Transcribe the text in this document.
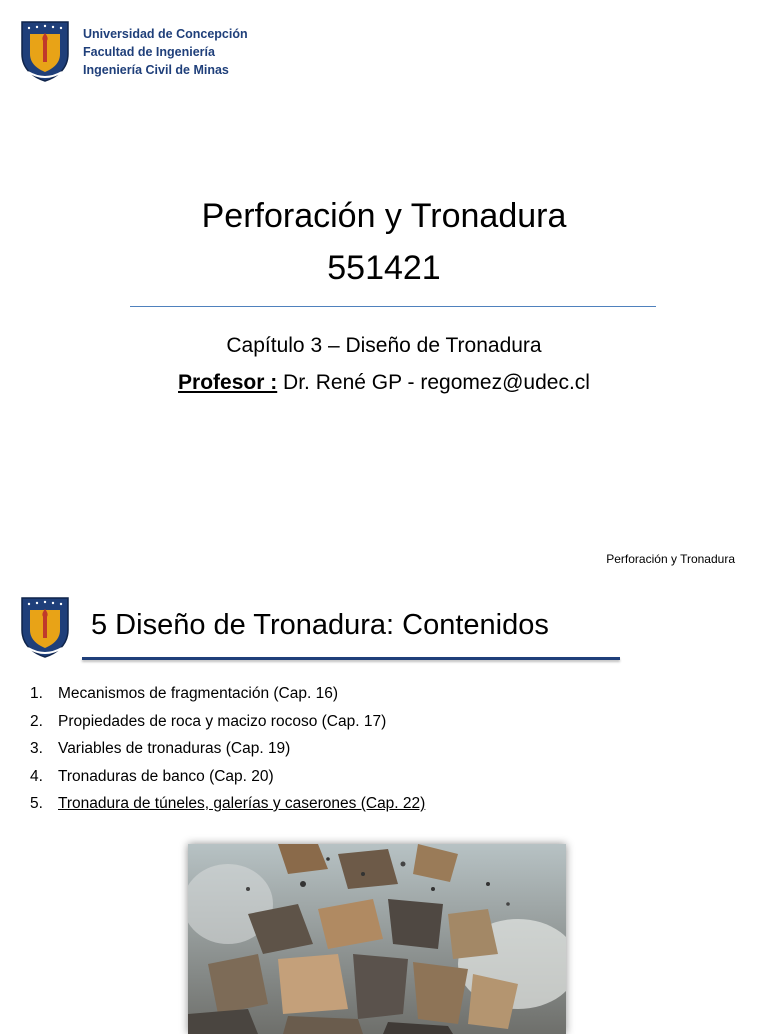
Universidad de Concepción
Facultad de Ingeniería
Ingeniería Civil de Minas
Perforación y Tronadura
551421
Capítulo 3 – Diseño de Tronadura
Profesor : Dr. René GP - regomez@udec.cl
Perforación y Tronadura
5 Diseño de Tronadura: Contenidos
1. Mecanismos de fragmentación (Cap. 16)
2. Propiedades de roca y macizo rocoso (Cap. 17)
3. Variables de tronaduras (Cap. 19)
4. Tronaduras de banco (Cap. 20)
5. Tronadura de túneles, galerías y caserones (Cap. 22)
